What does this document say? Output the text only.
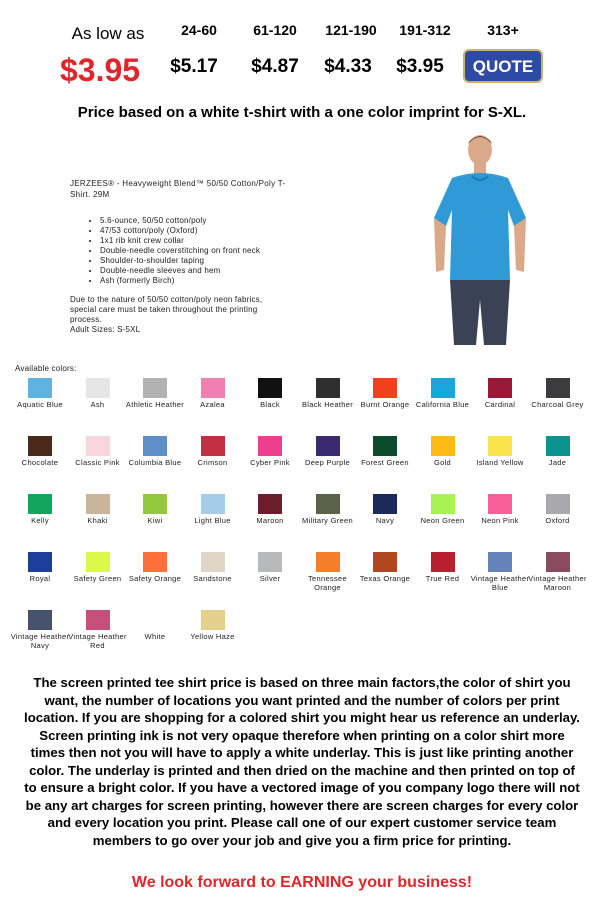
As low as
$3.95
24-60	61-120	121-190	191-312	313+
$5.17	$4.87	$4.33	$3.95	QUOTE
Price based on a white t-shirt with a one color imprint for S-XL.
JERZEES® - Heavyweight Blend™ 50/50 Cotton/Poly T-
Shirt. 29M
• 5.6-ounce, 50/50 cotton/poly
• 47/53 cotton/poly (Oxford)
• 1x1 rib knit crew collar
• Double-needle coverstitching on front neck
• Shoulder-to-shoulder taping
• Double-needle sleeves and hem
• Ash (formerly Birch)
Due to the nature of 50/50 cotton/poly neon fabrics,
special care must be taken throughout the printing
process.
Adult Sizes: S-5XL
Available colors:
Aquatic Blue	Ash	Athletic Heather	Azalea	Black	Black Heather	Burnt Orange California Blue	Cardinal	Charcoal Grey
Chocolate	Classic Pink	Columbia Blue	Crimson	Cyber Pink	Deep Purple	Forest Green	Gold	Island Yellow	Jade
Kelly	Khaki	Kiwi	Light Blue	Maroon	Military Green	Navy	Neon Green	Neon Pink	Oxford
Royal	Safety Green Safety Orange	Sandstone	Silver	Tennessee Orange
Texas Orange	True Red	Vintage Heather Blue
Vintage Heather Maroon
Vintage Heather Navy
Vintage Heather Red
White	Yellow Haze
The screen printed tee shirt price is based on three main factors,the color of shirt you want, the number of locations you want printed and the number of colors per print location. If you are shopping for a colored shirt you might hear us reference an underlay. Screen printing ink is not very opaque therefore when printing on a color shirt more times then not you will have to apply a white underlay. This is just like printing another color. The underlay is printed and then dried on the machine and then printed on top of to ensure a bright color. If you have a vectored image of you company logo there will not be any art charges for screen printing, however there are screen charges for every color and every location you print. Please call one of our expert customer service team members to go over your job and give you a firm price for printing.
We look forward to EARNING your business!
